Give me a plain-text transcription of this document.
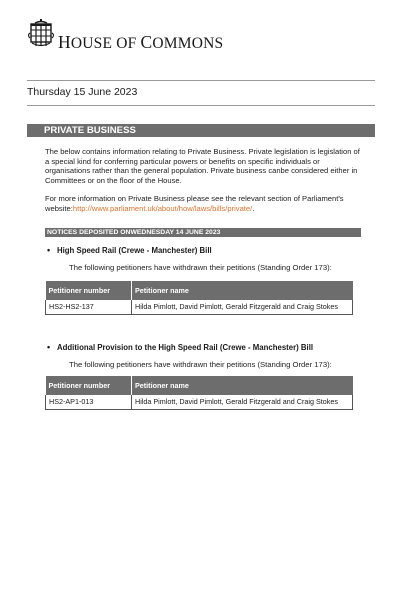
HOUSE OF COMMONS
Thursday 15 June 2023
PRIVATE BUSINESS
The below contains information relating to Private Business. Private legislation is legislation of a special kind for conferring particular powers or benefits on specific individuals or organisations rather than the general population. Private business canbe considered either in Committees or on the floor of the House.
For more information on Private Business please see the relevant section of Parliament's website:http://www.parliament.uk/about/how/laws/bills/private/.
NOTICES DEPOSITED ONWEDNESDAY 14 JUNE 2023
• High Speed Rail (Crewe - Manchester) Bill
The following petitioners have withdrawn their petitions (Standing Order 173):
Petitioner number	Petitioner name
HS2-HS2-137	Hilda Pimlott, David Pimlott, Gerald Fitzgerald and Craig Stokes
• Additional Provision to the High Speed Rail (Crewe - Manchester) Bill
The following petitioners have withdrawn their petitions (Standing Order 173):
Petitioner number	Petitioner name
HS2-AP1-013	Hilda Pimlott, David Pimlott, Gerald Fitzgerald and Craig Stokes
